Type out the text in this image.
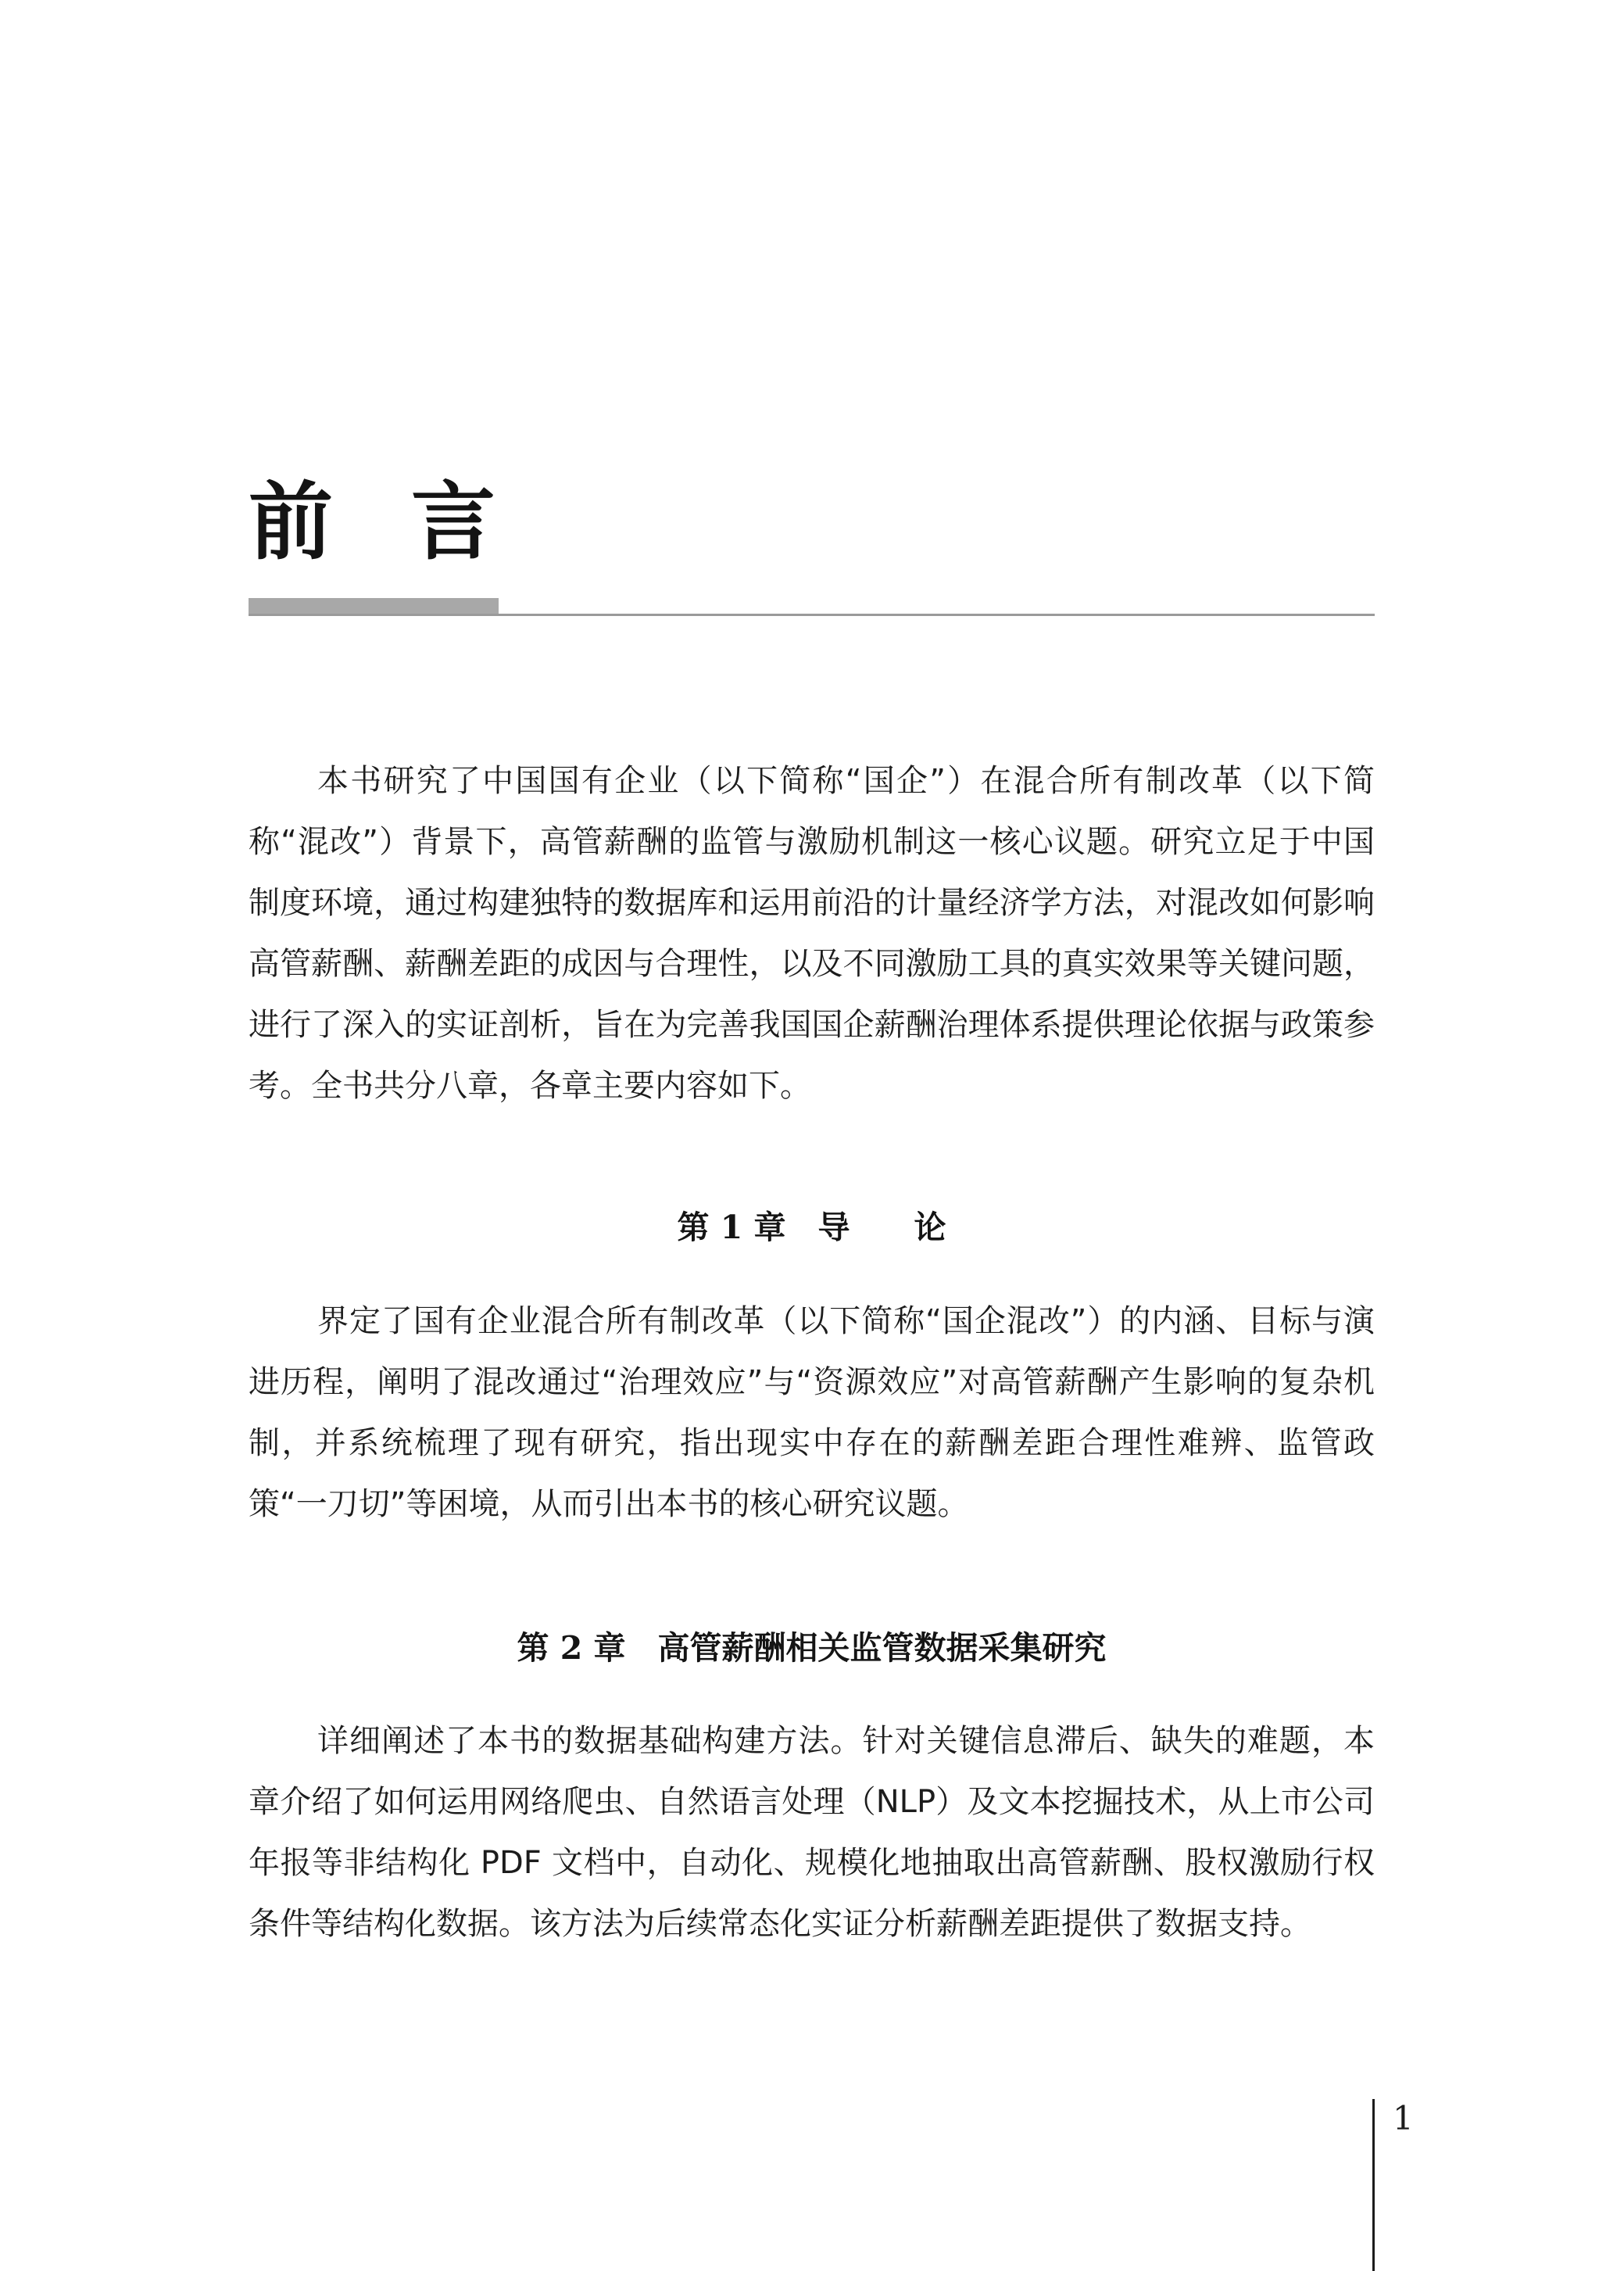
前言

本书研究了中国国有企业（以下简称“国企”）在混合所有制改革（以下简称“混改”）背景下，高管薪酬的监管与激励机制这一核心议题。研究立足于中国制度环境，通过构建独特的数据库和运用前沿的计量经济学方法，对混改如何影响高管薪酬、薪酬差距的成因与合理性，以及不同激励工具的真实效果等关键问题，进行了深入的实证剖析，旨在为完善我国国企薪酬治理体系提供理论依据与政策参考。全书共分八章，各章主要内容如下。

第 1 章　导　　论

界定了国有企业混合所有制改革（以下简称“国企混改”）的内涵、目标与演进历程，阐明了混改通过“治理效应”与“资源效应”对高管薪酬产生影响的复杂机制，并系统梳理了现有研究，指出现实中存在的薪酬差距合理性难辨、监管政策“一刀切”等困境，从而引出本书的核心研究议题。

第 2 章　高管薪酬相关监管数据采集研究

详细阐述了本书的数据基础构建方法。针对关键信息滞后、缺失的难题，本章介绍了如何运用网络爬虫、自然语言处理（NLP）及文本挖掘技术，从上市公司年报等非结构化 PDF 文档中，自动化、规模化地抽取出高管薪酬、股权激励行权条件等结构化数据。该方法为后续常态化实证分析薪酬差距提供了数据支持。

1
